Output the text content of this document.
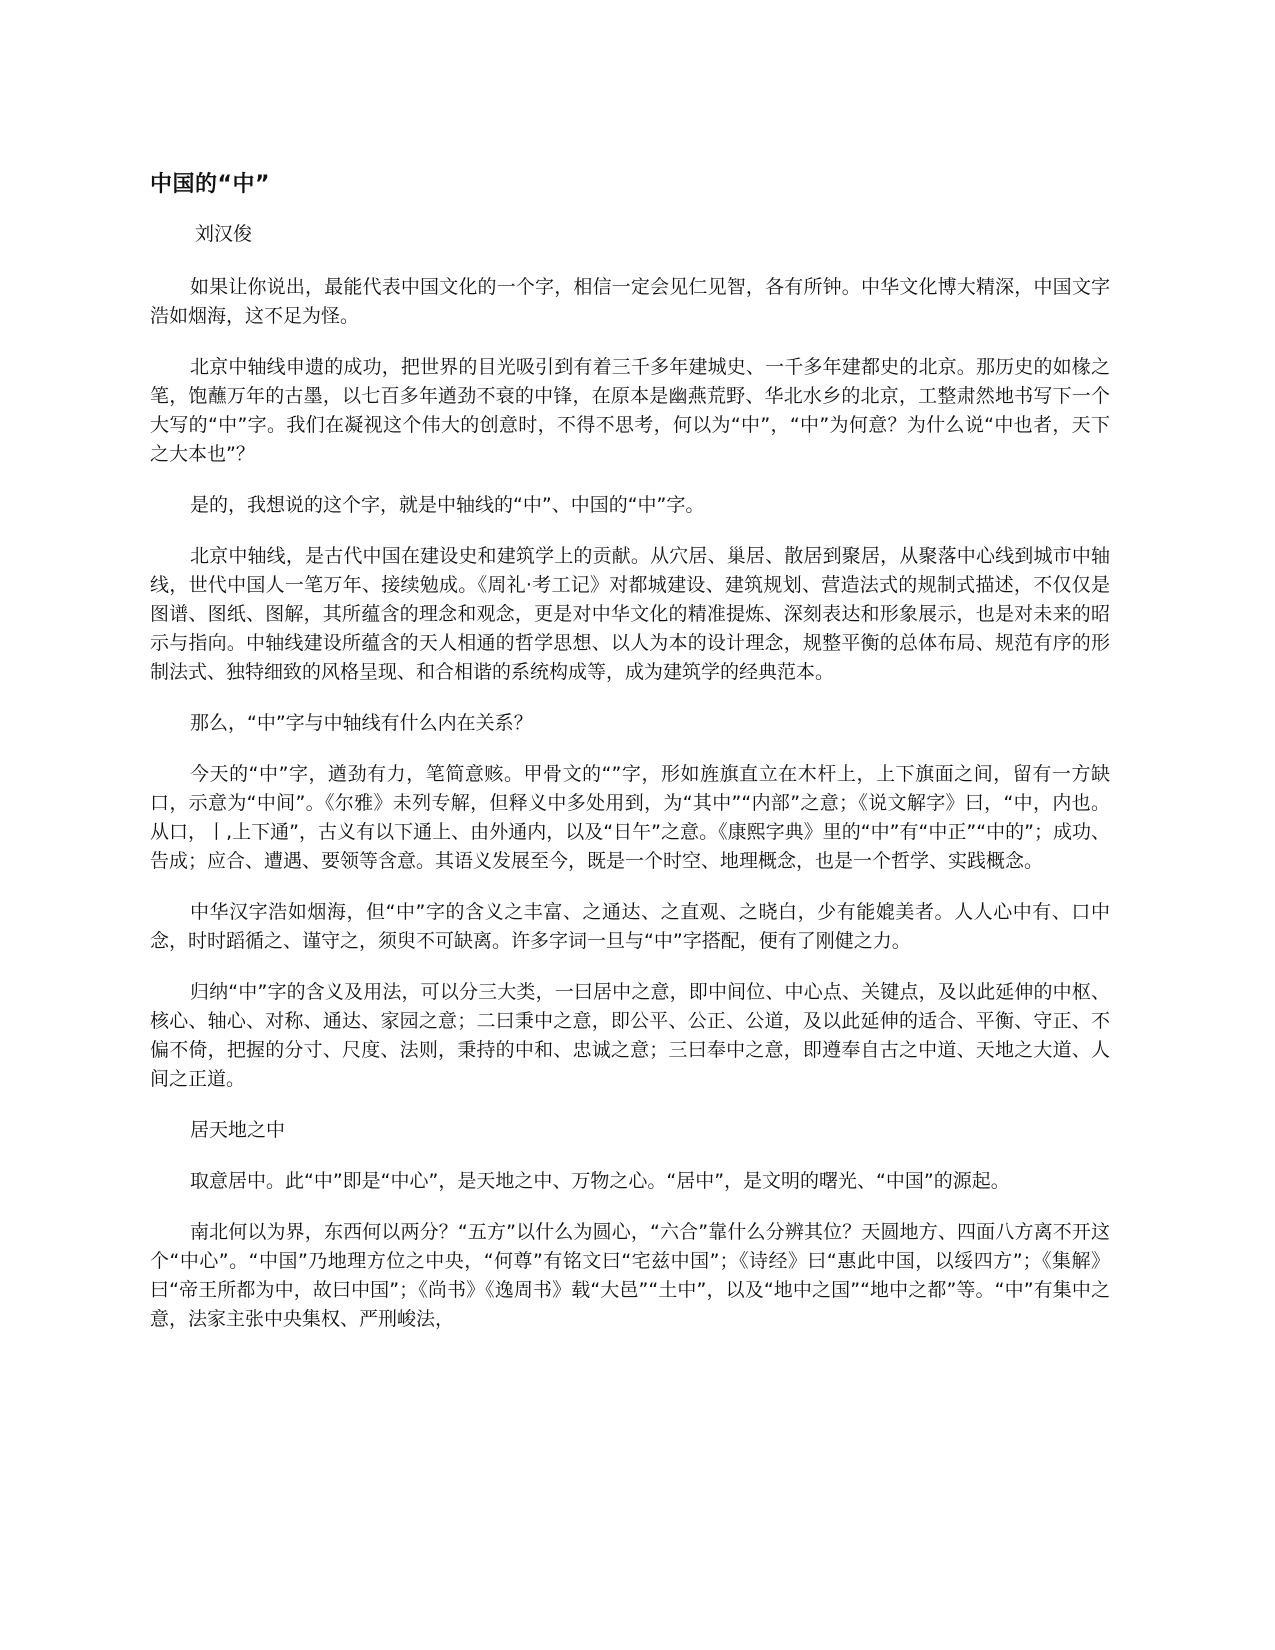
中国的“中”
刘汉俊

如果让你说出，最能代表中国文化的一个字，相信一定会见仁见智，各有所钟。中华文化博大精深，中国文字浩如烟海，这不足为怪。

北京中轴线申遗的成功，把世界的目光吸引到有着三千多年建城史、一千多年建都史的北京。那历史的如椽之笔，饱蘸万年的古墨，以七百多年遒劲不衰的中锋，在原本是幽燕荒野、华北水乡的北京，工整肃然地书写下一个大写的“中”字。我们在凝视这个伟大的创意时，不得不思考，何以为“中”，“中”为何意？为什么说“中也者，天下之大本也”？

是的，我想说的这个字，就是中轴线的“中”、中国的“中”字。

北京中轴线，是古代中国在建设史和建筑学上的贡献。从穴居、巢居、散居到聚居，从聚落中心线到城市中轴线，世代中国人一笔万年、接续勉成。《周礼·考工记》对都城建设、建筑规划、营造法式的规制式描述，不仅仅是图谱、图纸、图解，其所蕴含的理念和观念，更是对中华文化的精准提炼、深刻表达和形象展示，也是对未来的昭示与指向。中轴线建设所蕴含的天人相通的哲学思想、以人为本的设计理念，规整平衡的总体布局、规范有序的形制法式、独特细致的风格呈现、和合相谐的系统构成等，成为建筑学的经典范本。

那么，“中”字与中轴线有什么内在关系？

今天的“中”字，遒劲有力，笔简意赅。甲骨文的“”字，形如旌旗直立在木杆上，上下旗面之间，留有一方缺口，示意为“中间”。《尔雅》未列专解，但释义中多处用到，为“其中”“内部”之意；《说文解字》曰，“中，内也。从口，丨,上下通”，古义有以下通上、由外通内，以及“日午”之意。《康熙字典》里的“中”有“中正”“中的”；成功、告成；应合、遭遇、要领等含意。其语义发展至今，既是一个时空、地理概念，也是一个哲学、实践概念。

中华汉字浩如烟海，但“中”字的含义之丰富、之通达、之直观、之晓白，少有能媲美者。人人心中有、口中念，时时蹈循之、谨守之，须臾不可缺离。许多字词一旦与“中”字搭配，便有了刚健之力。

归纳“中”字的含义及用法，可以分三大类，一曰居中之意，即中间位、中心点、关键点，及以此延伸的中枢、核心、轴心、对称、通达、家园之意；二曰秉中之意，即公平、公正、公道，及以此延伸的适合、平衡、守正、不偏不倚，把握的分寸、尺度、法则，秉持的中和、忠诚之意；三曰奉中之意，即遵奉自古之中道、天地之大道、人间之正道。

居天地之中

取意居中。此“中”即是“中心”，是天地之中、万物之心。“居中”，是文明的曙光、“中国”的源起。

南北何以为界，东西何以两分？“五方”以什么为圆心，“六合”靠什么分辨其位？天圆地方、四面八方离不开这个“中心”。“中国”乃地理方位之中央，“何尊”有铭文曰“宅兹中国”；《诗经》曰“惠此中国，以绥四方”；《集解》曰“帝王所都为中，故曰中国”；《尚书》《逸周书》载“大邑”“土中”，以及“地中之国”“地中之都”等。“中”有集中之意，法家主张中央集权、严刑峻法，
